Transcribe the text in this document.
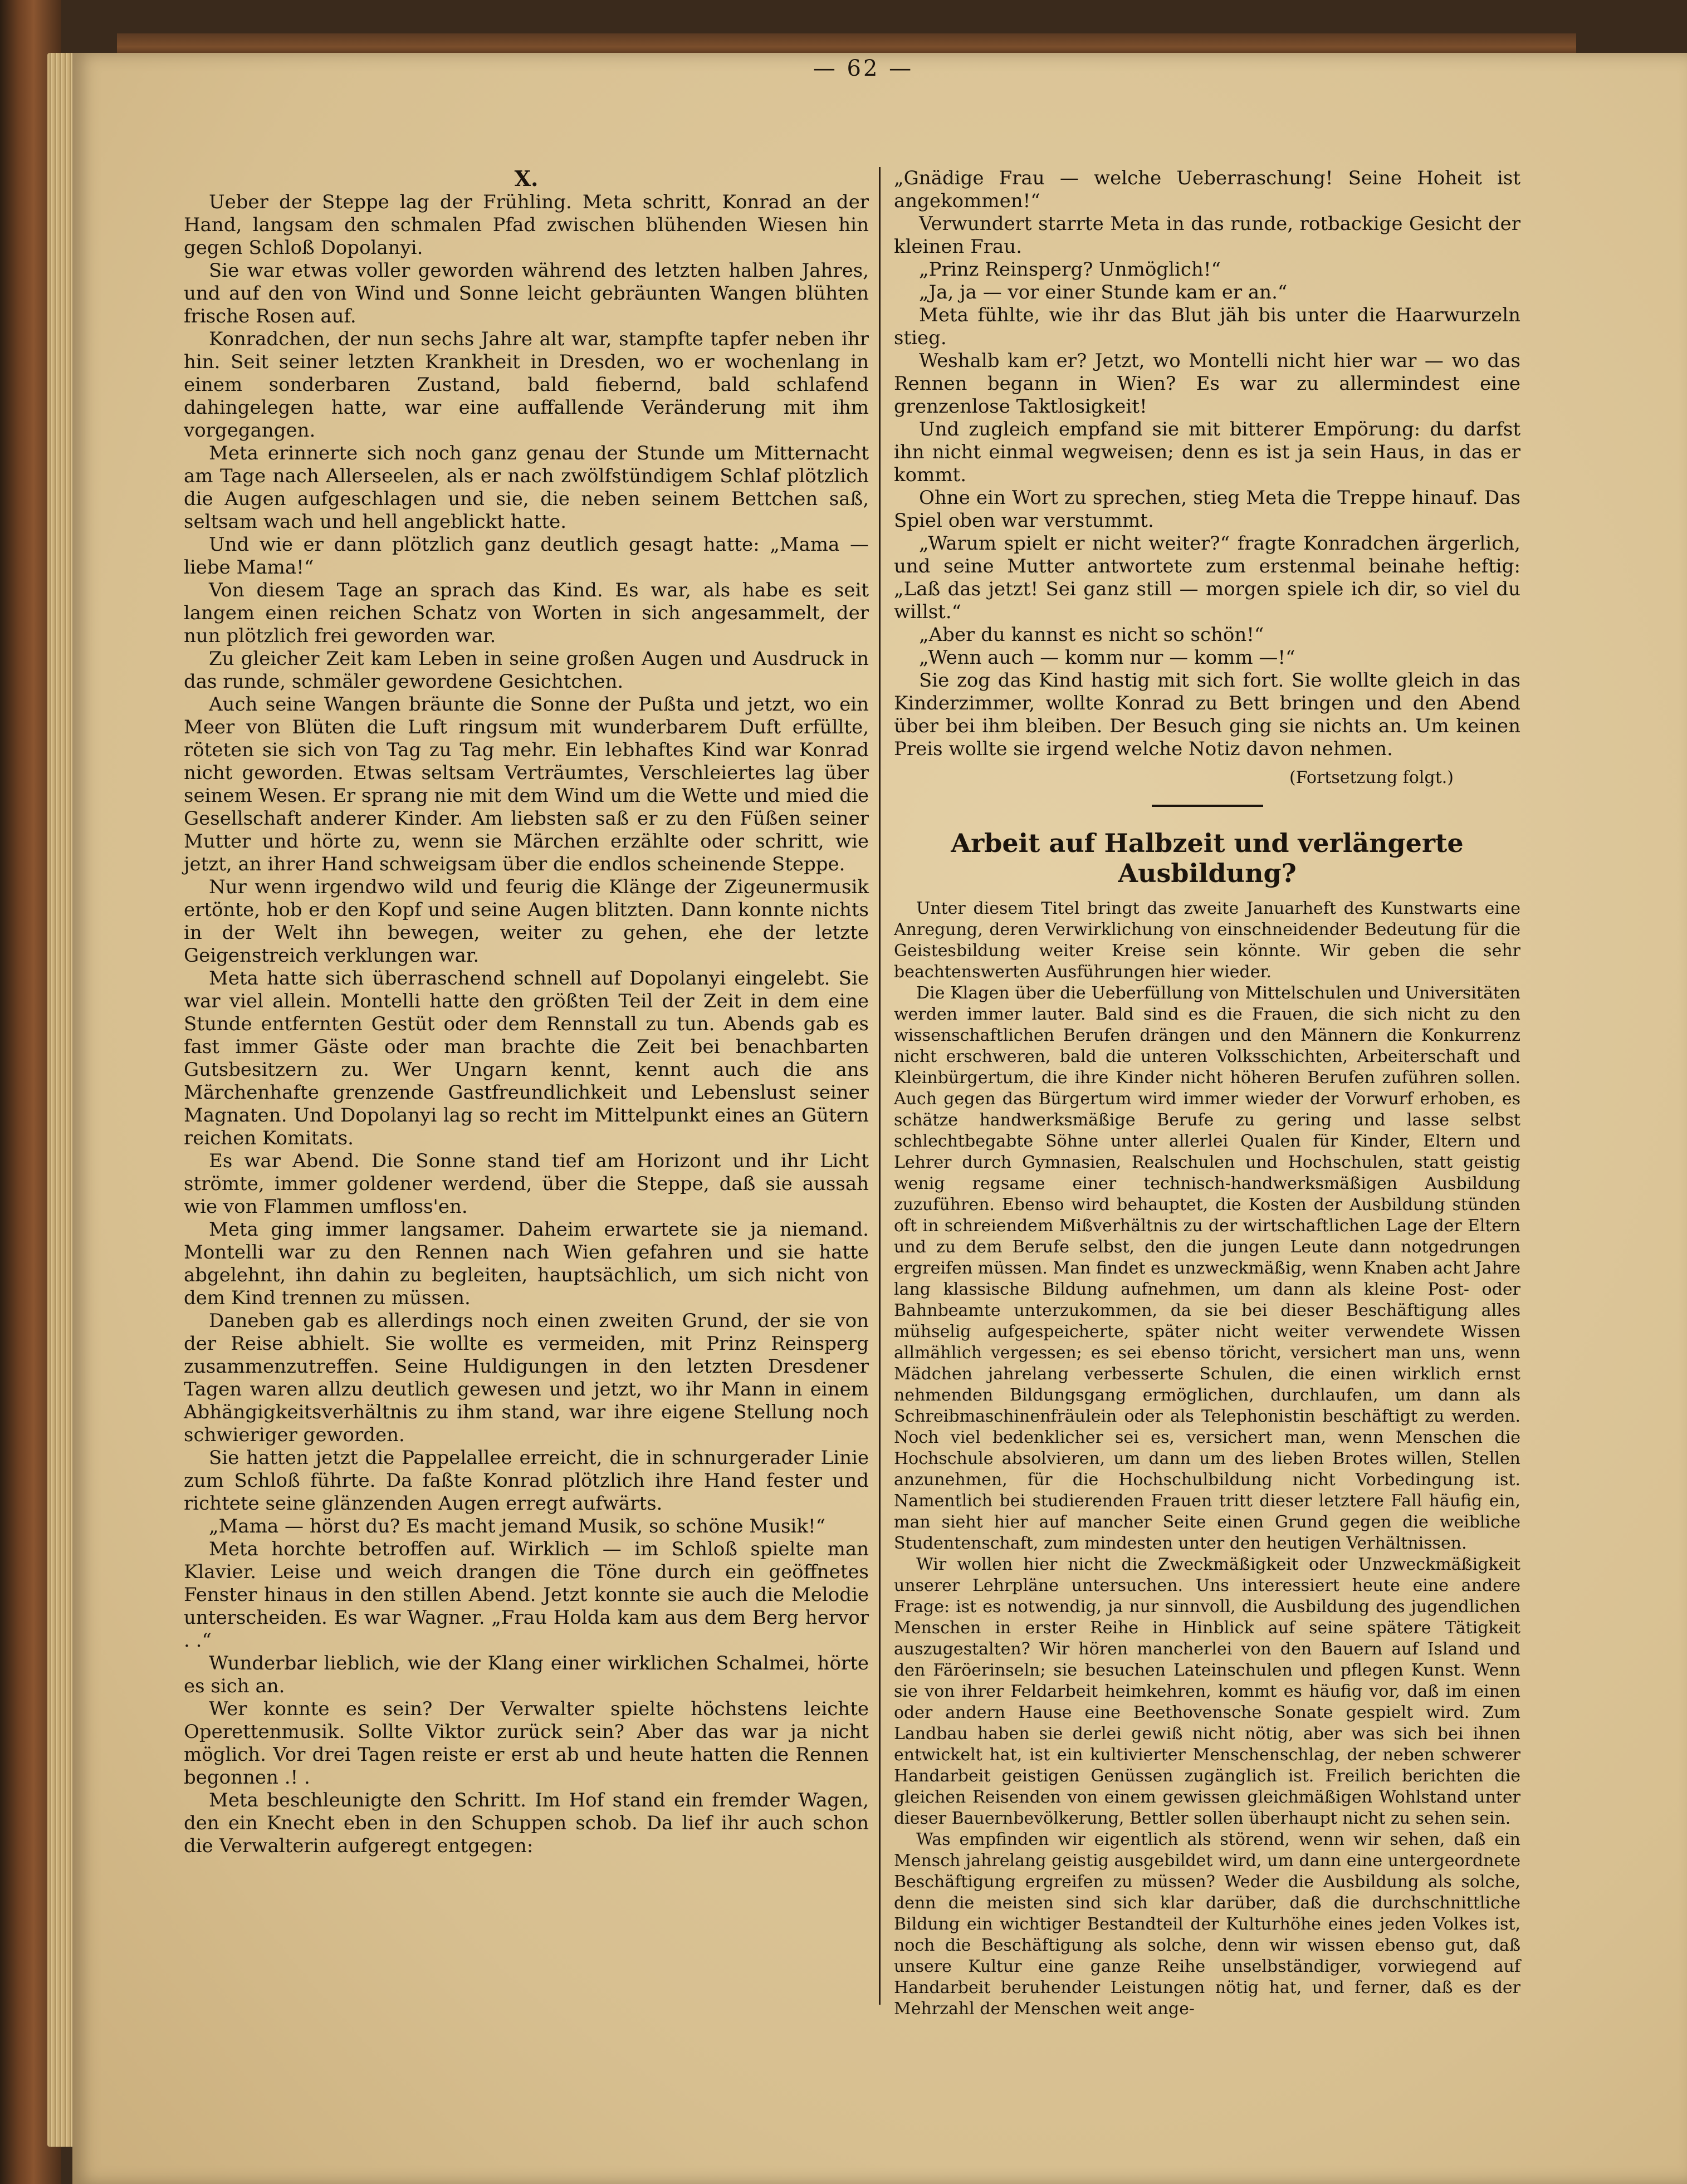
— 62 —
X.

Ueber der Steppe lag der Frühling. Meta schritt, Konrad an der Hand, langsam den schmalen Pfad zwischen blühenden Wiesen hin gegen Schloß Dopolanyi.

Sie war etwas voller geworden während des letzten halben Jahres, und auf den von Wind und Sonne leicht gebräunten Wangen blühten frische Rosen auf.

Konradchen, der nun sechs Jahre alt war, stampfte tapfer neben ihr hin. Seit seiner letzten Krankheit in Dresden, wo er wochenlang in einem sonderbaren Zustand, bald fiebernd, bald schlafend dahingelegen hatte, war eine auffallende Veränderung mit ihm vorgegangen.

Meta erinnerte sich noch ganz genau der Stunde um Mitternacht am Tage nach Allerseelen, als er nach zwölfstündigem Schlaf plötzlich die Augen aufgeschlagen und sie, die neben seinem Bettchen saß, seltsam wach und hell angeblickt hatte.

Und wie er dann plötzlich ganz deutlich gesagt hatte: „Mama — liebe Mama!“

Von diesem Tage an sprach das Kind. Es war, als habe es seit langem einen reichen Schatz von Worten in sich angesammelt, der nun plötzlich frei geworden war.

Zu gleicher Zeit kam Leben in seine großen Augen und Ausdruck in das runde, schmäler gewordene Gesichtchen.

Auch seine Wangen bräunte die Sonne der Pußta und jetzt, wo ein Meer von Blüten die Luft ringsum mit wunderbarem Duft erfüllte, röteten sie sich von Tag zu Tag mehr. Ein lebhaftes Kind war Konrad nicht geworden. Etwas seltsam Verträumtes, Verschleiertes lag über seinem Wesen. Er sprang nie mit dem Wind um die Wette und mied die Gesellschaft anderer Kinder. Am liebsten saß er zu den Füßen seiner Mutter und hörte zu, wenn sie Märchen erzählte oder schritt, wie jetzt, an ihrer Hand schweigsam über die endlos scheinende Steppe.

Nur wenn irgendwo wild und feurig die Klänge der Zigeunermusik ertönte, hob er den Kopf und seine Augen blitzten. Dann konnte nichts in der Welt ihn bewegen, weiter zu gehen, ehe der letzte Geigenstreich verklungen war.

Meta hatte sich überraschend schnell auf Dopolanyi eingelebt. Sie war viel allein. Montelli hatte den größten Teil der Zeit in dem eine Stunde entfernten Gestüt oder dem Rennstall zu tun. Abends gab es fast immer Gäste oder man brachte die Zeit bei benachbarten Gutsbesitzern zu. Wer Ungarn kennt, kennt auch die ans Märchenhafte grenzende Gastfreundlichkeit und Lebenslust seiner Magnaten. Und Dopolanyi lag so recht im Mittelpunkt eines an Gütern reichen Komitats.

Es war Abend. Die Sonne stand tief am Horizont und ihr Licht strömte, immer goldener werdend, über die Steppe, daß sie aussah wie von Flammen umfloss'en.

Meta ging immer langsamer. Daheim erwartete sie ja niemand. Montelli war zu den Rennen nach Wien gefahren und sie hatte abgelehnt, ihn dahin zu begleiten, hauptsächlich, um sich nicht von dem Kind trennen zu müssen.

Daneben gab es allerdings noch einen zweiten Grund, der sie von der Reise abhielt. Sie wollte es vermeiden, mit Prinz Reinsperg zusammenzutreffen. Seine Huldigungen in den letzten Dresdener Tagen waren allzu deutlich gewesen und jetzt, wo ihr Mann in einem Abhängigkeitsverhältnis zu ihm stand, war ihre eigene Stellung noch schwieriger geworden.

Sie hatten jetzt die Pappelallee erreicht, die in schnurgerader Linie zum Schloß führte. Da faßte Konrad plötzlich ihre Hand fester und richtete seine glänzenden Augen erregt aufwärts.

„Mama — hörst du? Es macht jemand Musik, so schöne Musik!“

Meta horchte betroffen auf. Wirklich — im Schloß spielte man Klavier. Leise und weich drangen die Töne durch ein geöffnetes Fenster hinaus in den stillen Abend. Jetzt konnte sie auch die Melodie unterscheiden. Es war Wagner. „Frau Holda kam aus dem Berg hervor . .“

Wunderbar lieblich, wie der Klang einer wirklichen Schalmei, hörte es sich an.

Wer konnte es sein? Der Verwalter spielte höchstens leichte Operettenmusik. Sollte Viktor zurück sein? Aber das war ja nicht möglich. Vor drei Tagen reiste er erst ab und heute hatten die Rennen begonnen .! .

Meta beschleunigte den Schritt. Im Hof stand ein fremder Wagen, den ein Knecht eben in den Schuppen schob. Da lief ihr auch schon die Verwalterin aufgeregt entgegen:

„Gnädige Frau — welche Ueberraschung! Seine Hoheit ist angekommen!“

Verwundert starrte Meta in das runde, rotbackige Gesicht der kleinen Frau.

„Prinz Reinsperg? Unmöglich!“

„Ja, ja — vor einer Stunde kam er an.“

Meta fühlte, wie ihr das Blut jäh bis unter die Haarwurzeln stieg.

Weshalb kam er? Jetzt, wo Montelli nicht hier war — wo das Rennen begann in Wien? Es war zu allermindest eine grenzenlose Taktlosigkeit!

Und zugleich empfand sie mit bitterer Empörung: du darfst ihn nicht einmal wegweisen; denn es ist ja sein Haus, in das er kommt.

Ohne ein Wort zu sprechen, stieg Meta die Treppe hinauf. Das Spiel oben war verstummt.

„Warum spielt er nicht weiter?“ fragte Konradchen ärgerlich, und seine Mutter antwortete zum erstenmal beinahe heftig: „Laß das jetzt! Sei ganz still — morgen spiele ich dir, so viel du willst.“

„Aber du kannst es nicht so schön!“

„Wenn auch — komm nur — komm —!“

Sie zog das Kind hastig mit sich fort. Sie wollte gleich in das Kinderzimmer, wollte Konrad zu Bett bringen und den Abend über bei ihm bleiben. Der Besuch ging sie nichts an. Um keinen Preis wollte sie irgend welche Notiz davon nehmen.

(Fortsetzung folgt.)

Arbeit auf Halbzeit und verlängerte Ausbildung?

Unter diesem Titel bringt das zweite Januarheft des Kunstwarts eine Anregung, deren Verwirklichung von einschneidender Bedeutung für die Geistesbildung weiter Kreise sein könnte. Wir geben die sehr beachtenswerten Ausführungen hier wieder.

Die Klagen über die Ueberfüllung von Mittelschulen und Universitäten werden immer lauter. Bald sind es die Frauen, die sich nicht zu den wissenschaftlichen Berufen drängen und den Männern die Konkurrenz nicht erschweren, bald die unteren Volksschichten, Arbeiterschaft und Kleinbürgertum, die ihre Kinder nicht höheren Berufen zuführen sollen. Auch gegen das Bürgertum wird immer wieder der Vorwurf erhoben, es schätze handwerksmäßige Berufe zu gering und lasse selbst schlechtbegabte Söhne unter allerlei Qualen für Kinder, Eltern und Lehrer durch Gymnasien, Realschulen und Hochschulen, statt geistig wenig regsame einer technisch-handwerksmäßigen Ausbildung zuzuführen. Ebenso wird behauptet, die Kosten der Ausbildung stünden oft in schreiendem Mißverhältnis zu der wirtschaftlichen Lage der Eltern und zu dem Berufe selbst, den die jungen Leute dann notgedrungen ergreifen müssen. Man findet es unzweckmäßig, wenn Knaben acht Jahre lang klassische Bildung aufnehmen, um dann als kleine Post- oder Bahnbeamte unterzukommen, da sie bei dieser Beschäftigung alles mühselig aufgespeicherte, später nicht weiter verwendete Wissen allmählich vergessen; es sei ebenso töricht, versichert man uns, wenn Mädchen jahrelang verbesserte Schulen, die einen wirklich ernst nehmenden Bildungsgang ermöglichen, durchlaufen, um dann als Schreibmaschinenfräulein oder als Telephonistin beschäftigt zu werden. Noch viel bedenklicher sei es, versichert man, wenn Menschen die Hochschule absolvieren, um dann um des lieben Brotes willen, Stellen anzunehmen, für die Hochschulbildung nicht Vorbedingung ist. Namentlich bei studierenden Frauen tritt dieser letztere Fall häufig ein, man sieht hier auf mancher Seite einen Grund gegen die weibliche Studentenschaft, zum mindesten unter den heutigen Verhältnissen.

Wir wollen hier nicht die Zweckmäßigkeit oder Unzweckmäßigkeit unserer Lehrpläne untersuchen. Uns interessiert heute eine andere Frage: ist es notwendig, ja nur sinnvoll, die Ausbildung des jugendlichen Menschen in erster Reihe in Hinblick auf seine spätere Tätigkeit auszugestalten? Wir hören mancherlei von den Bauern auf Island und den Färöerinseln; sie besuchen Lateinschulen und pflegen Kunst. Wenn sie von ihrer Feldarbeit heimkehren, kommt es häufig vor, daß im einen oder andern Hause eine Beethovensche Sonate gespielt wird. Zum Landbau haben sie derlei gewiß nicht nötig, aber was sich bei ihnen entwickelt hat, ist ein kultivierter Menschenschlag, der neben schwerer Handarbeit geistigen Genüssen zugänglich ist. Freilich berichten die gleichen Reisenden von einem gewissen gleichmäßigen Wohlstand unter dieser Bauernbevölkerung, Bettler sollen überhaupt nicht zu sehen sein.

Was empfinden wir eigentlich als störend, wenn wir sehen, daß ein Mensch jahrelang geistig ausgebildet wird, um dann eine untergeordnete Beschäftigung ergreifen zu müssen? Weder die Ausbildung als solche, denn die meisten sind sich klar darüber, daß die durchschnittliche Bildung ein wichtiger Bestandteil der Kulturhöhe eines jeden Volkes ist, noch die Beschäftigung als solche, denn wir wissen ebenso gut, daß unsere Kultur eine ganze Reihe unselbständiger, vorwiegend auf Handarbeit beruhender Leistungen nötig hat, und ferner, daß es der Mehrzahl der Menschen weit ange-
